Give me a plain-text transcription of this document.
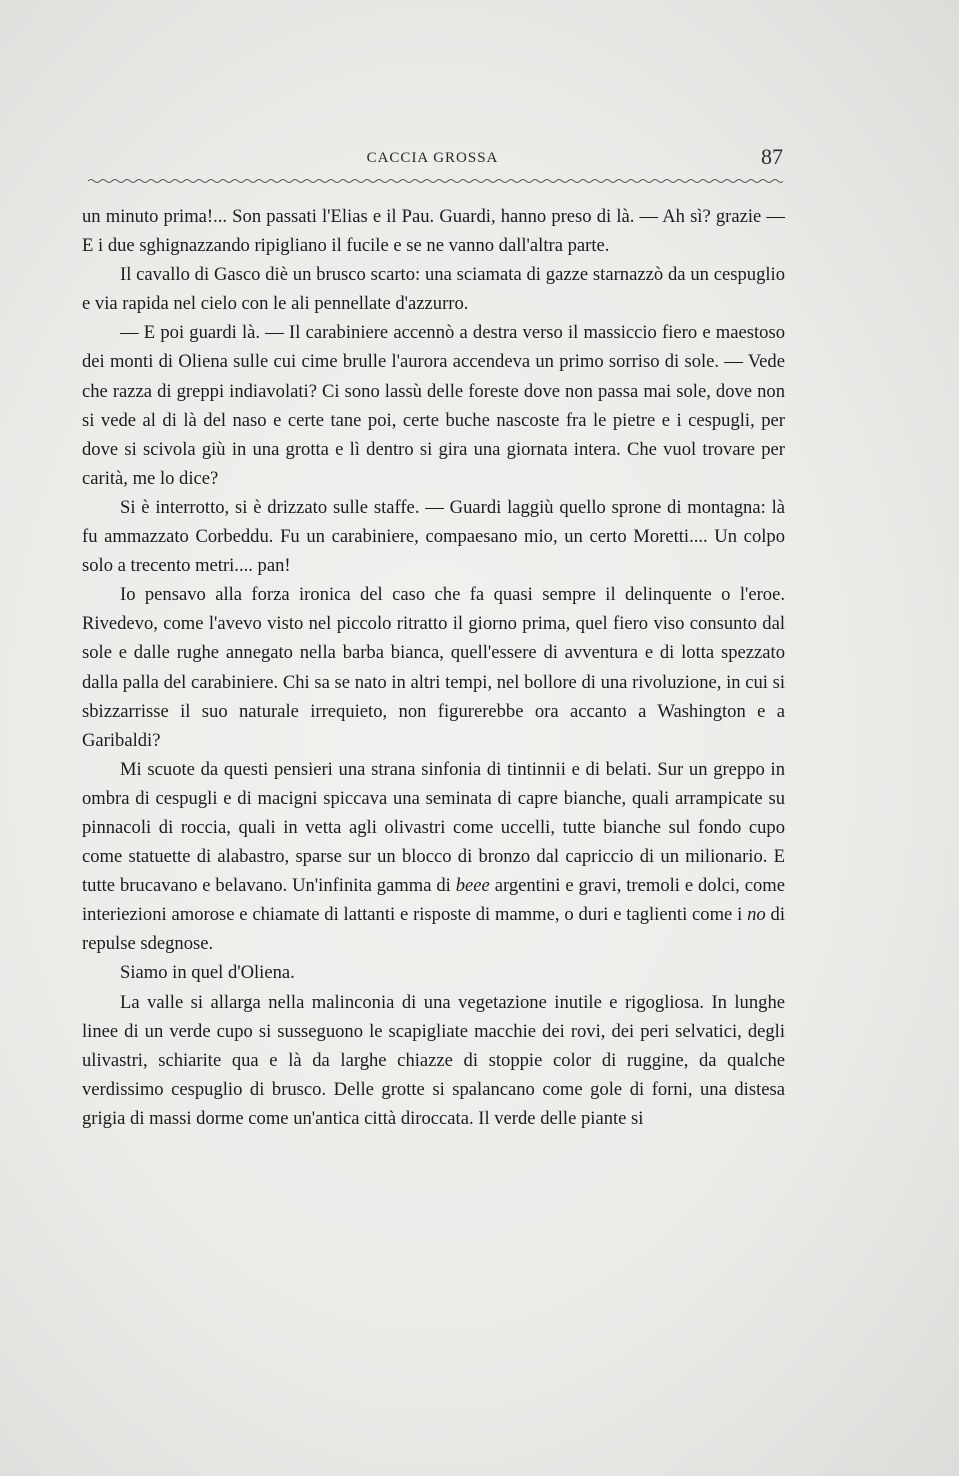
CACCIA GROSSA	87

un minuto prima!... Son passati l'Elias e il Pau. Guardi, hanno preso di là. — Ah sì? grazie — E i due sghignazzando ripigliano il fucile e se ne vanno dall'altra parte.

Il cavallo di Gasco diè un brusco scarto: una sciamata di gazze starnazzò da un cespuglio e via rapida nel cielo con le ali pennellate d'azzurro.

— E poi guardi là. — Il carabiniere accennò a destra verso il massiccio fiero e maestoso dei monti di Oliena sulle cui cime brulle l'aurora accendeva un primo sorriso di sole. — Vede che razza di greppi indiavolati? Ci sono lassù delle foreste dove non passa mai sole, dove non si vede al di là del naso e certe tane poi, certe buche nascoste fra le pietre e i cespugli, per dove si scivola giù in una grotta e lì dentro si gira una giornata intera. Che vuol trovare per carità, me lo dice?

Si è interrotto, si è drizzato sulle staffe. — Guardi laggiù quello sprone di montagna: là fu ammazzato Corbeddu. Fu un carabiniere, compaesano mio, un certo Moretti.... Un colpo solo a trecento metri.... pan!

Io pensavo alla forza ironica del caso che fa quasi sempre il delinquente o l'eroe. Rivedevo, come l'avevo visto nel piccolo ritratto il giorno prima, quel fiero viso consunto dal sole e dalle rughe annegato nella barba bianca, quell'essere di avventura e di lotta spezzato dalla palla del carabiniere. Chi sa se nato in altri tempi, nel bollore di una rivoluzione, in cui si sbizzarrisse il suo naturale irrequieto, non figurerebbe ora accanto a Washington e a Garibaldi?

Mi scuote da questi pensieri una strana sinfonia di tintinnii e di belati. Sur un greppo in ombra di cespugli e di macigni spiccava una seminata di capre bianche, quali arrampicate su pinnacoli di roccia, quali in vetta agli olivastri come uccelli, tutte bianche sul fondo cupo come statuette di alabastro, sparse sur un blocco di bronzo dal capriccio di un milionario. E tutte brucavano e belavano. Un'infinita gamma di beee argentini e gravi, tremoli e dolci, come interiezioni amorose e chiamate di lattanti e risposte di mamme, o duri e taglienti come i no di repulse sdegnose.

Siamo in quel d'Oliena.

La valle si allarga nella malinconia di una vegetazione inutile e rigogliosa. In lunghe linee di un verde cupo si susseguono le scapigliate macchie dei rovi, dei peri selvatici, degli ulivastri, schiarite qua e là da larghe chiazze di stoppie color di ruggine, da qualche verdissimo cespuglio di brusco. Delle grotte si spalancano come gole di forni, una distesa grigia di massi dorme come un'antica città diroccata. Il verde delle piante si
